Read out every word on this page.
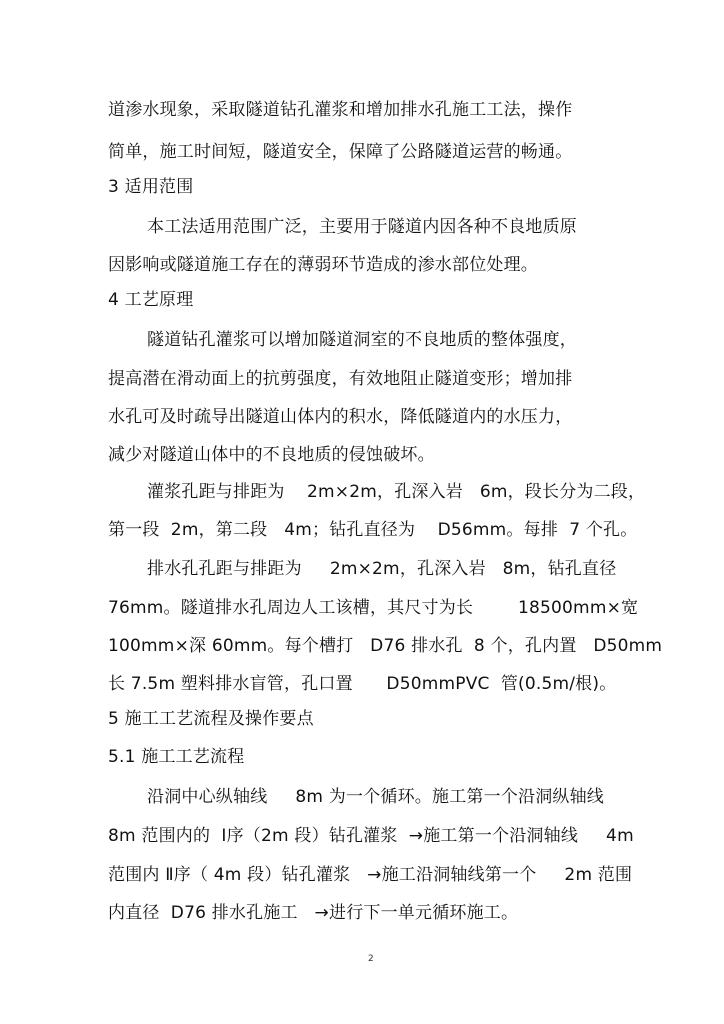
道渗水现象，采取隧道钻孔灌浆和增加排水孔施工工法，操作
简单，施工时间短，隧道安全，保障了公路隧道运营的畅通。
3 适用范围
本工法适用范围广泛，主要用于隧道内因各种不良地质原
因影响或隧道施工存在的薄弱环节造成的渗水部位处理。
4 工艺原理
隧道钻孔灌浆可以增加隧道洞室的不良地质的整体强度，
提高潜在滑动面上的抗剪强度，有效地阻止隧道变形；增加排
水孔可及时疏导出隧道山体内的积水，降低隧道内的水压力，
减少对隧道山体中的不良地质的侵蚀破坏。
灌浆孔距与排距为    2m×2m，孔深入岩   6m，段长分为二段，
第一段  2m，第二段   4m；钻孔直径为    D56mm。每排  7 个孔。
排水孔孔距与排距为     2m×2m，孔深入岩   8m，钻孔直径
76mm。隧道排水孔周边人工该槽，其尺寸为长        18500mm×宽
100mm×深 60mm。每个槽打   D76 排水孔  8 个，孔内置   D50mm
长 7.5m 塑料排水盲管，孔口置      D50mmPVC  管(0.5m/根)。
5 施工工艺流程及操作要点
5.1 施工工艺流程
沿洞中心纵轴线     8m 为一个循环。施工第一个沿洞纵轴线
8m 范围内的  Ⅰ序（2m 段）钻孔灌浆  →施工第一个沿洞轴线     4m
范围内 Ⅱ序（ 4m 段）钻孔灌浆   →施工沿洞轴线第一个     2m 范围
内直径  D76 排水孔施工   →进行下一单元循环施工。
2
